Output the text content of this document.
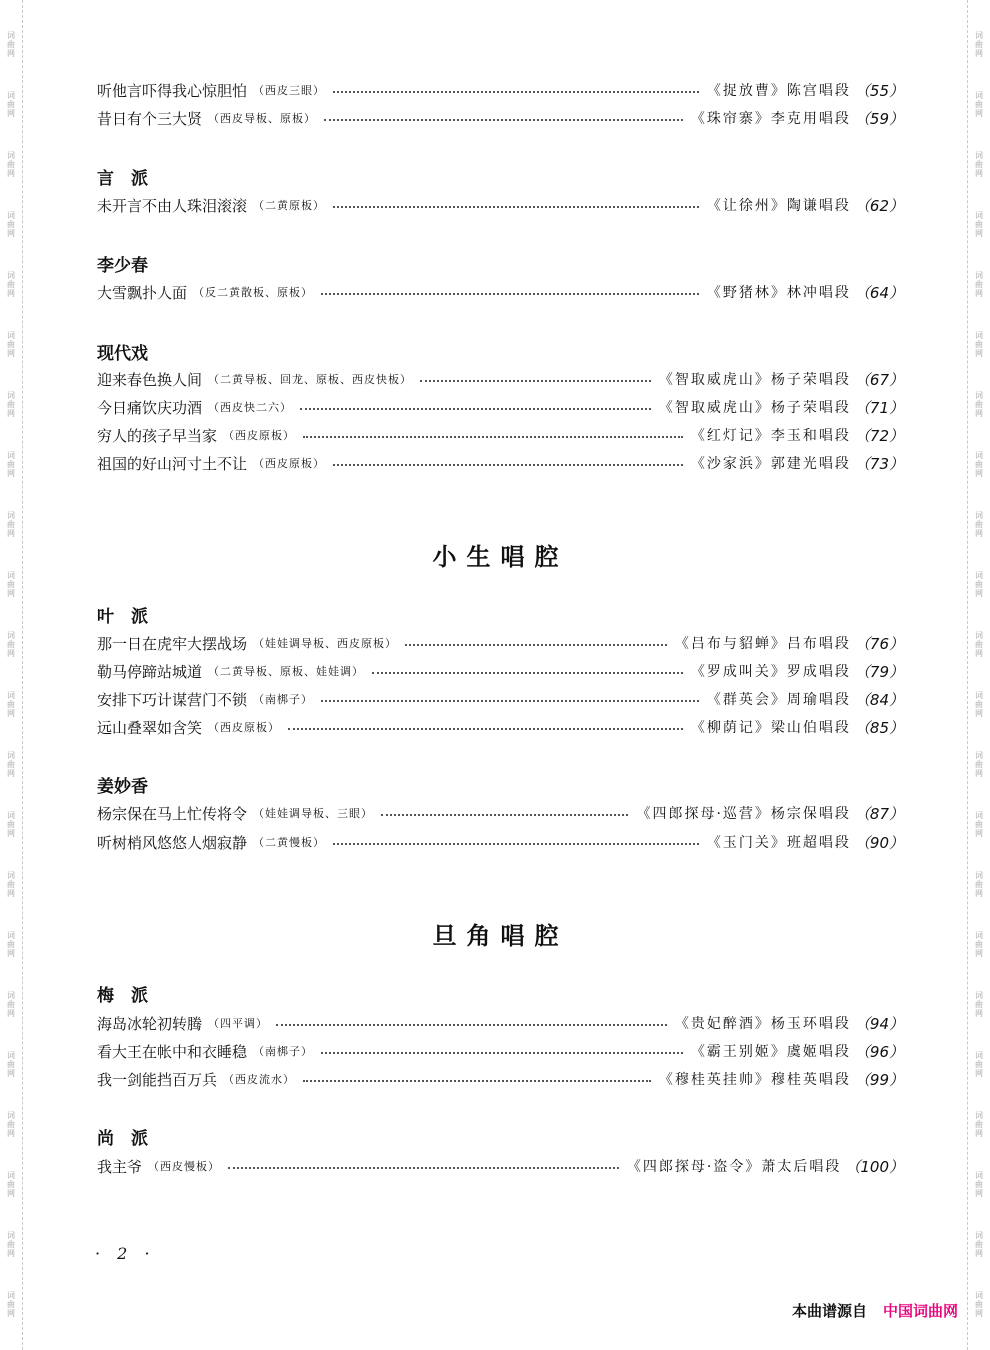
词曲网
词曲网
词曲网
词曲网
词曲网
词曲网
词曲网
词曲网
词曲网
词曲网
词曲网
词曲网
词曲网
词曲网
词曲网
词曲网
词曲网
词曲网
词曲网
词曲网
词曲网
词曲网
词曲网
词曲网
词曲网
词曲网
词曲网
词曲网
词曲网
词曲网
词曲网
词曲网
词曲网
词曲网
词曲网
词曲网
词曲网
词曲网
词曲网
词曲网
词曲网
词曲网
词曲网
词曲网
听他言吓得我心惊胆怕 （西皮三眼）	《捉放曹》陈宫唱段 （55）
昔日有个三大贤 （西皮导板、原板）	《珠帘寨》李克用唱段 （59）
言　派
未开言不由人珠泪滚滚 （二黄原板）	《让徐州》陶谦唱段 （62）
李少春
大雪飘扑人面 （反二黄散板、原板）	《野猪林》林冲唱段 （64）
现代戏
迎来春色换人间 （二黄导板、回龙、原板、西皮快板）	《智取威虎山》杨子荣唱段 （67）
今日痛饮庆功酒 （西皮快二六）	《智取威虎山》杨子荣唱段 （71）
穷人的孩子早当家 （西皮原板）	《红灯记》李玉和唱段 （72）
祖国的好山河寸土不让 （西皮原板）	《沙家浜》郭建光唱段 （73）
小生唱腔
叶　派
那一日在虎牢大摆战场 （娃娃调导板、西皮原板）	《吕布与貂蝉》吕布唱段 （76）
勒马停蹄站城道 （二黄导板、原板、娃娃调）	《罗成叫关》罗成唱段 （79）
安排下巧计谋营门不锁 （南梆子）	《群英会》周瑜唱段 （84）
远山叠翠如含笑 （西皮原板）	《柳荫记》梁山伯唱段 （85）
姜妙香
杨宗保在马上忙传将令 （娃娃调导板、三眼）	《四郎探母·巡营》杨宗保唱段 （87）
听树梢风悠悠人烟寂静 （二黄慢板）	《玉门关》班超唱段 （90）
旦角唱腔
梅　派
海岛冰轮初转腾 （四平调）	《贵妃醉酒》杨玉环唱段 （94）
看大王在帐中和衣睡稳 （南梆子）	《霸王别姬》虞姬唱段 （96）
我一剑能挡百万兵 （西皮流水）	《穆桂英挂帅》穆桂英唱段 （99）
尚　派
我主爷 （西皮慢板）	《四郎探母·盗令》萧太后唱段 （100）
· 2 ·
本曲谱源自 中国词曲网
